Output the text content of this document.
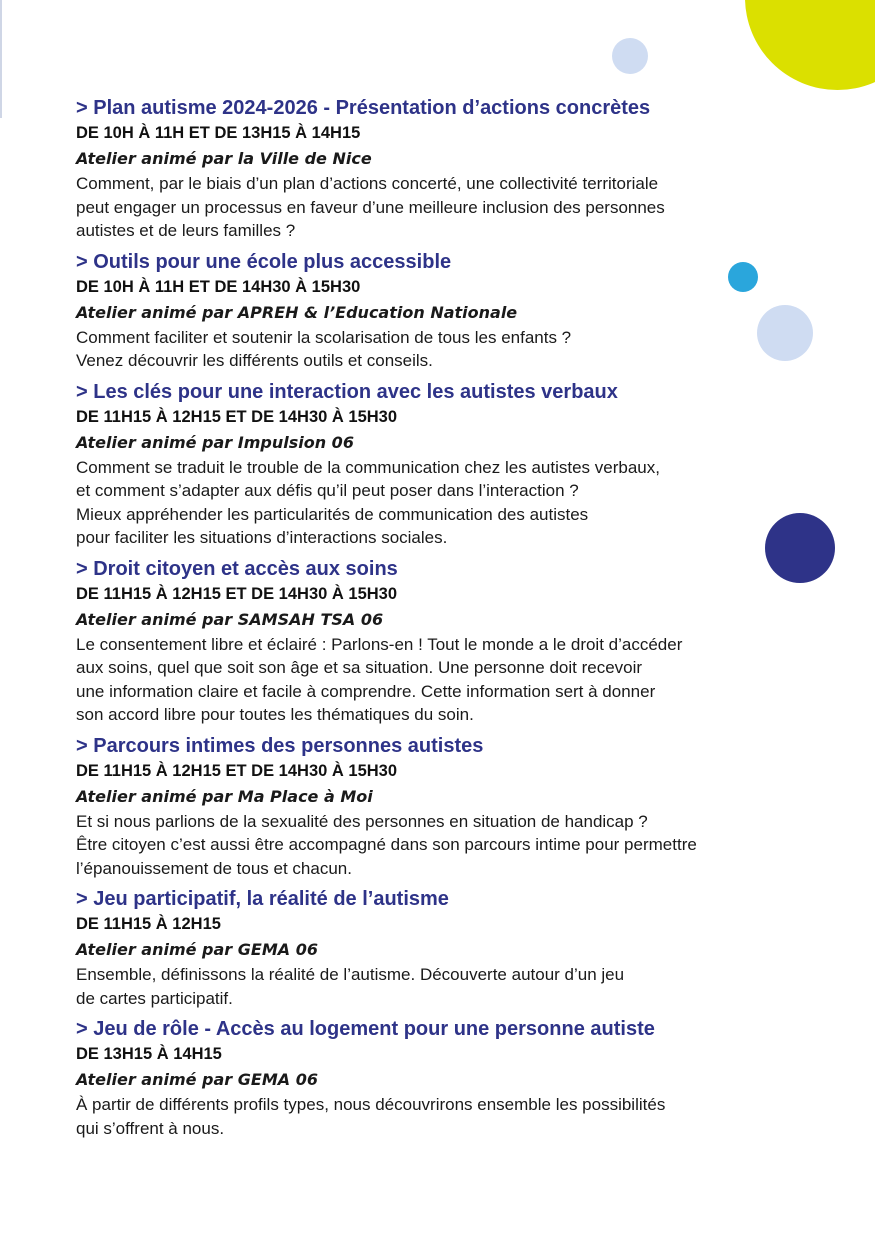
> Plan autisme 2024-2026 - Présentation d’actions concrètes
DE 10H À 11H ET DE 13H15 À 14H15
Atelier animé par la Ville de Nice
Comment, par le biais d’un plan d’actions concerté, une collectivité territoriale
peut engager un processus en faveur d’une meilleure inclusion des personnes
autistes et de leurs familles ?
> Outils pour une école plus accessible
DE 10H À 11H ET DE 14H30 À 15H30
Atelier animé par APREH & l’Education Nationale
Comment faciliter et soutenir la scolarisation de tous les enfants ?
Venez découvrir les différents outils et conseils.
> Les clés pour une interaction avec les autistes verbaux
DE 11H15 À 12H15 ET DE 14H30 À 15H30
Atelier animé par Impulsion 06
Comment se traduit le trouble de la communication chez les autistes verbaux,
et comment s’adapter aux défis qu’il peut poser dans l’interaction ?
Mieux appréhender les particularités de communication des autistes
pour faciliter les situations d’interactions sociales.
> Droit citoyen et accès aux soins
DE 11H15 À 12H15 ET DE 14H30 À 15H30
Atelier animé par SAMSAH TSA 06
Le consentement libre et éclairé : Parlons-en ! Tout le monde a le droit d’accéder
aux soins, quel que soit son âge et sa situation. Une personne doit recevoir
une information claire et facile à comprendre. Cette information sert à donner
son accord libre pour toutes les thématiques du soin.
> Parcours intimes des personnes autistes
DE 11H15 À 12H15 ET DE 14H30 À 15H30
Atelier animé par Ma Place à Moi
Et si nous parlions de la sexualité des personnes en situation de handicap ?
Être citoyen c’est aussi être accompagné dans son parcours intime pour permettre
l’épanouissement de tous et chacun.
> Jeu participatif, la réalité de l’autisme
DE 11H15 À 12H15
Atelier animé par GEMA 06
Ensemble, définissons la réalité de l’autisme. Découverte autour d’un jeu
de cartes participatif.
> Jeu de rôle - Accès au logement pour une personne autiste
DE 13H15 À 14H15
Atelier animé par GEMA 06
À partir de différents profils types, nous découvrirons ensemble les possibilités
qui s’offrent à nous.
